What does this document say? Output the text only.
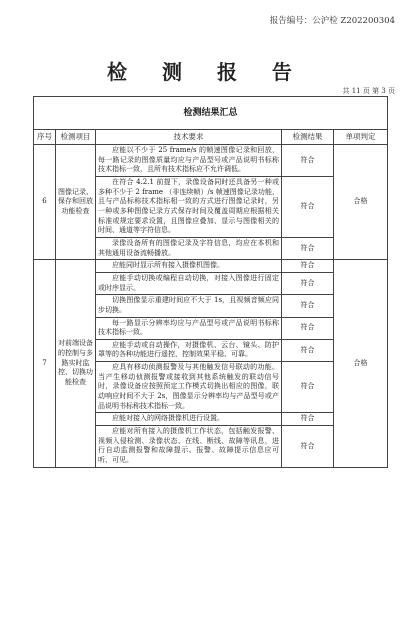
报告编号：公沪检 Z202200304
检 测 报 告
共 11 页 第 3 页
检测结果汇总				
序号	检测项目	技术要求	检测结果	单项判定
6	图像记录、保存和回放功能检查	应能以不少于 25 frame/s 的帧速图像记录和回放，每一路记录的图像质量均应与产品型号或产品说明书标称技术指标一致，且所有技术指标应不允许调低。	符合	合格

		在符合 4.2.1 前提下，录像设备同时还具备另一种或多种不少于 2 frame （非连续帧）/s 帧速图像记录功能，且与产品标称技术指标相一致的方式进行图像记录时，另一种或多种图像记录方式保存时间及覆盖周期应根据相关标准或规定要求设置，且图像应叠加、显示与图像相关的时间、通道等字符信息。	符合	

		录像设备所有的图像记录及字符信息，均应在本机和其他通用设备流畅播放。	符合	
7	对前端设备的控制与多路实时监控、切换功能检查	应能同时显示所有接入摄像机图像。	符合	合格

		应能手动切换或编程自动切换，对接入图像进行固定或时序显示。	符合	

		切换图像显示重建时间应不大于 1s，且视频音频应同步切换。	符合	

		每一路显示分辨率均应与产品型号或产品说明书标称技术指标一致。	符合	

		应能手动或自动操作，对摄像机、云台、镜头、防护罩等的各种功能进行遥控，控制效果平稳、可靠。	符合	

		应具有移动侦测报警及与其他触发信号联动的功能。当产生移动侦测报警或接收到其他系统触发的联动信号时，录像设备应按照预定工作模式切换出相应的图像，联动响应时间不大于 2s，图像显示分辨率均与产品型号或产品说明书标称技术指标一致。	符合	

		应能对接入的网络摄像机进行设置。	符合	

		应能对所有接入的摄像机工作状态，包括触发报警、视频入侵检测、录像状态、在线、断线、故障等讯息，进行自动监测报警和故障提示。报警、故障提示信息应可听、可见。	符合	
